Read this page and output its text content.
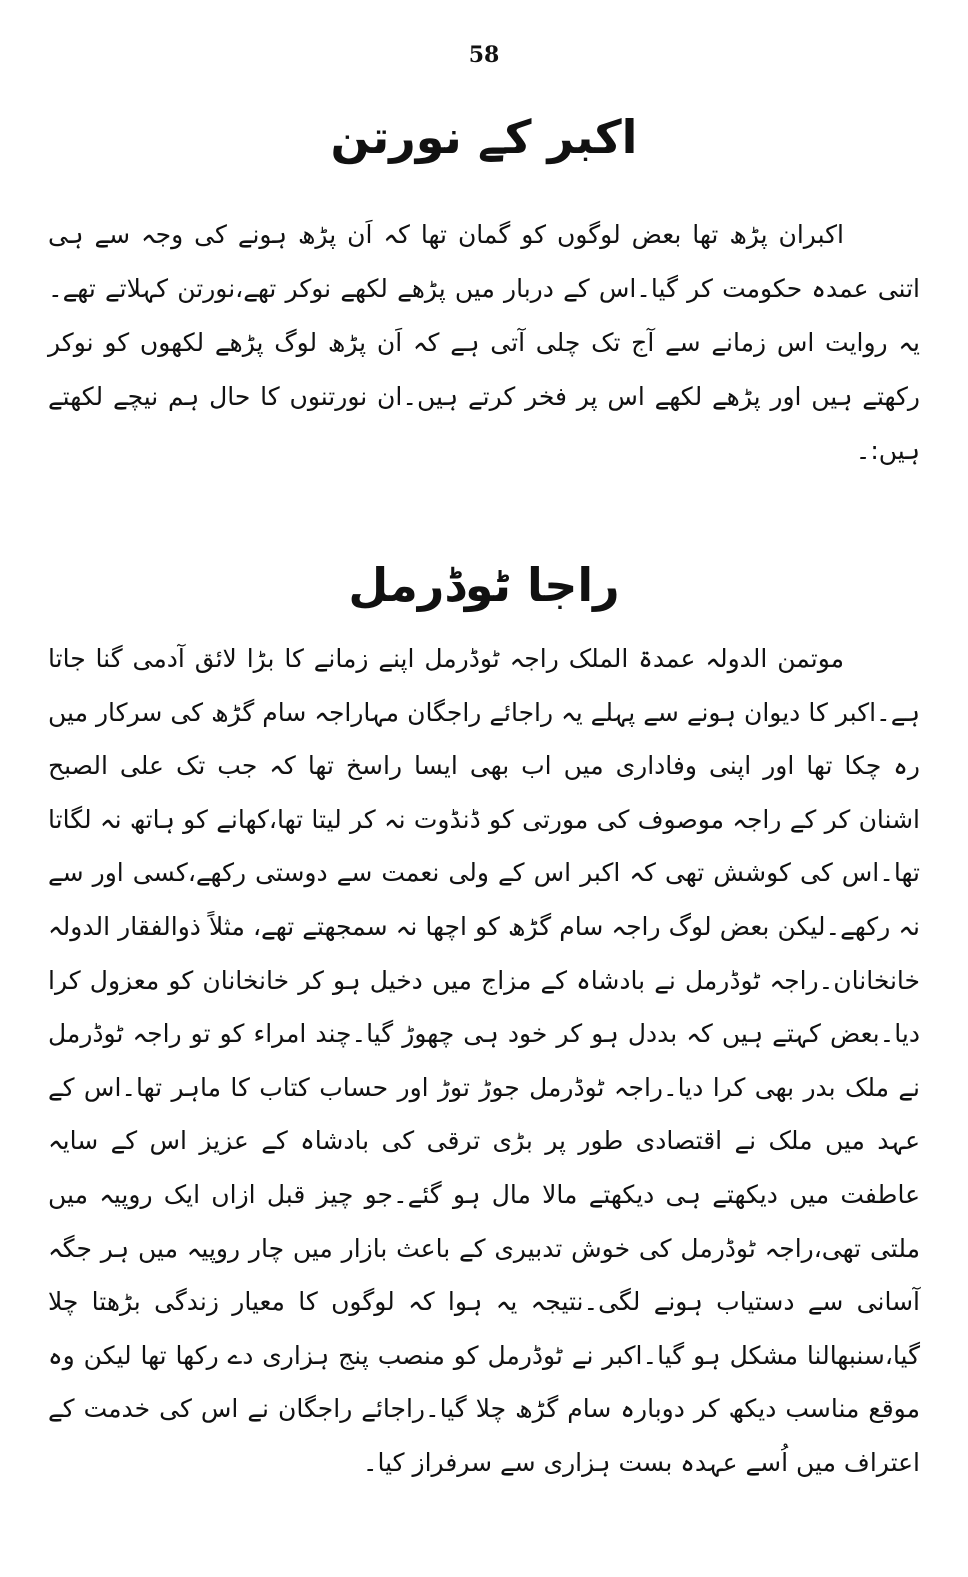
58
اکبر کے نورتن

اکبران پڑھ تھا بعض لوگوں کو گمان تھا کہ اَن پڑھ ہونے کی وجہ سے ہی اتنی عمدہ حکومت کر گیا۔اس کے دربار میں پڑھے لکھے نوکر تھے،نورتن کہلاتے تھے۔یہ روایت اس زمانے سے آج تک چلی آتی ہے کہ اَن پڑھ لوگ پڑھے لکھوں کو نوکر رکھتے ہیں اور پڑھے لکھے اس پر فخر کرتے ہیں۔ان نورتنوں کا حال ہم نیچے لکھتے ہیں:۔

راجا ٹوڈرمل

موتمن الدولہ عمدۃ الملک راجہ ٹوڈرمل اپنے زمانے کا بڑا لائق آدمی گنا جاتا ہے۔اکبر کا دیوان ہونے سے پہلے یہ راجائے راجگان مہاراجہ سام گڑھ کی سرکار میں رہ چکا تھا اور اپنی وفاداری میں اب بھی ایسا راسخ تھا کہ جب تک علی الصبح اشنان کر کے راجہ موصوف کی مورتی کو ڈنڈوت نہ کر لیتا تھا،کھانے کو ہاتھ نہ لگاتا تھا۔اس کی کوشش تھی کہ اکبر اس کے ولی نعمت سے دوستی رکھے،کسی اور سے نہ رکھے۔لیکن بعض لوگ راجہ سام گڑھ کو اچھا نہ سمجھتے تھے، مثلاً ذوالفقار الدولہ خانخانان۔راجہ ٹوڈرمل نے بادشاہ کے مزاج میں دخیل ہو کر خانخانان کو معزول کرا دیا۔بعض کہتے ہیں کہ بددل ہو کر خود ہی چھوڑ گیا۔چند امراء کو تو راجہ ٹوڈرمل نے ملک بدر بھی کرا دیا۔راجہ ٹوڈرمل جوڑ توڑ اور حساب کتاب کا ماہر تھا۔اس کے عہد میں ملک نے اقتصادی طور پر بڑی ترقی کی بادشاہ کے عزیز اس کے سایہ عاطفت میں دیکھتے ہی دیکھتے مالا مال ہو گئے۔جو چیز قبل ازاں ایک روپیہ میں ملتی تھی،راجہ ٹوڈرمل کی خوش تدبیری کے باعث بازار میں چار روپیہ میں ہر جگہ آسانی سے دستیاب ہونے لگی۔نتیجہ یہ ہوا کہ لوگوں کا معیار زندگی بڑھتا چلا گیا،سنبھالنا مشکل ہو گیا۔اکبر نے ٹوڈرمل کو منصب پنج ہزاری دے رکھا تھا لیکن وہ موقع مناسب دیکھ کر دوبارہ سام گڑھ چلا گیا۔راجائے راجگان نے اس کی خدمت کے اعتراف میں اُسے عہدہ بست ہزاری سے سرفراز کیا۔
